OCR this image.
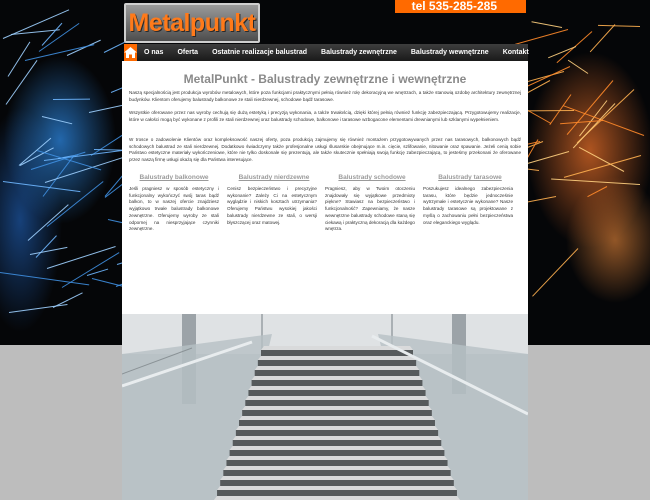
Metalpunkt
tel 535-285-285
O nas	Oferta	Ostatnie realizacje balustrad	Balustrady zewnętrzne	Balustrady wewnętrzne	Kontakt
MetalPunkt - Balustrady zewnętrzne i wewnętrzne
Naszą specjalnością jest produkcja wyrobów metalowych, które poza funkcjami praktycznymi pełnią również rolę dekoracyjną we wnętrzach, a także stanowią ozdobę architektury zewnętrznej budynków. Klientom oferujemy balustrady balkonowe ze stali nierdzewnej, schodowe bądź tarasowe.
Wszystkie oferowane przez nas wyroby cechują się dużą estetyką i precyzją wykonania, a także trwałością, dzięki której pełnią również funkcję zabezpieczającą. Przygotowujemy realizacje, które w całości mogą być wykonane z profili ze stali nierdzewnej oraz balustrady schodowe, balkonowe i tarasowe wzbogacone elementami drewnianymi lub szklanymi wypełnieniem.
W trosce o zadowolenie Klientów oraz kompleksowość naszej oferty, poza produkcją zajmujemy się również montażem przygotowywanych przez nas tarasowych, balkonowych bądź schodowych balustrad ze stali nierdzewnej. Dodatkowo świadczymy także profesjonalne usługi ślusarskie obejmujące m.in. cięcie, szlifowanie, nitowanie oraz spawanie. Jeżeli cenią sobie Państwo estetyczne materiały wykończeniowe, które nie tylko doskonale się prezentują, ale także skutecznie spełniają swoją funkcję zabezpieczającą, to jesteśmy przekonani że oferowane przez naszą firmę usługi okażą się dla Państwa interesujące.
Balustrady balkonowe
Jeśli pragniesz w sposób estetyczny i funkcjonalny wykończyć swój taras bądź balkon, to w naszej ofercie znajdziesz wyjątkowo trwałe balustrady balkonowe zewnętrzne. Oferujemy wyroby ze stali odpornej na niesprzyjające czynniki zewnętrzne.
Balustrady nierdzewne
Cenisz bezpieczeństwo i precyzyjne wykonanie? Zależy Ci na estetycznym wyglądzie i niskich kosztach utrzymania? Oferujemy Państwu wysokiej jakości balustrady nierdzewne ze stali, o wersji błyszczącej oraz matowej.
Balustrady schodowe
Pragniesz, aby w Twoim otoczeniu znajdowały się wyjątkowe przedmioty piękne? Stawiasz na bezpieczeństwo i funkcjonalność? Zapewniamy, że nasze wewnętrzne balustrady schodowe staną się ciekawą i praktyczną dekoracją dla każdego wnętrza.
Balustrady tarasowe
Poszukujesz idealnego zabezpieczenia tarasu, które będzie jednocześnie wytrzymałe i estetycznie wykonane? Nasze balustrady tarasowe są projektowane z myślą o zachowaniu pełni bezpieczeństwa oraz eleganckiego wyglądu.
